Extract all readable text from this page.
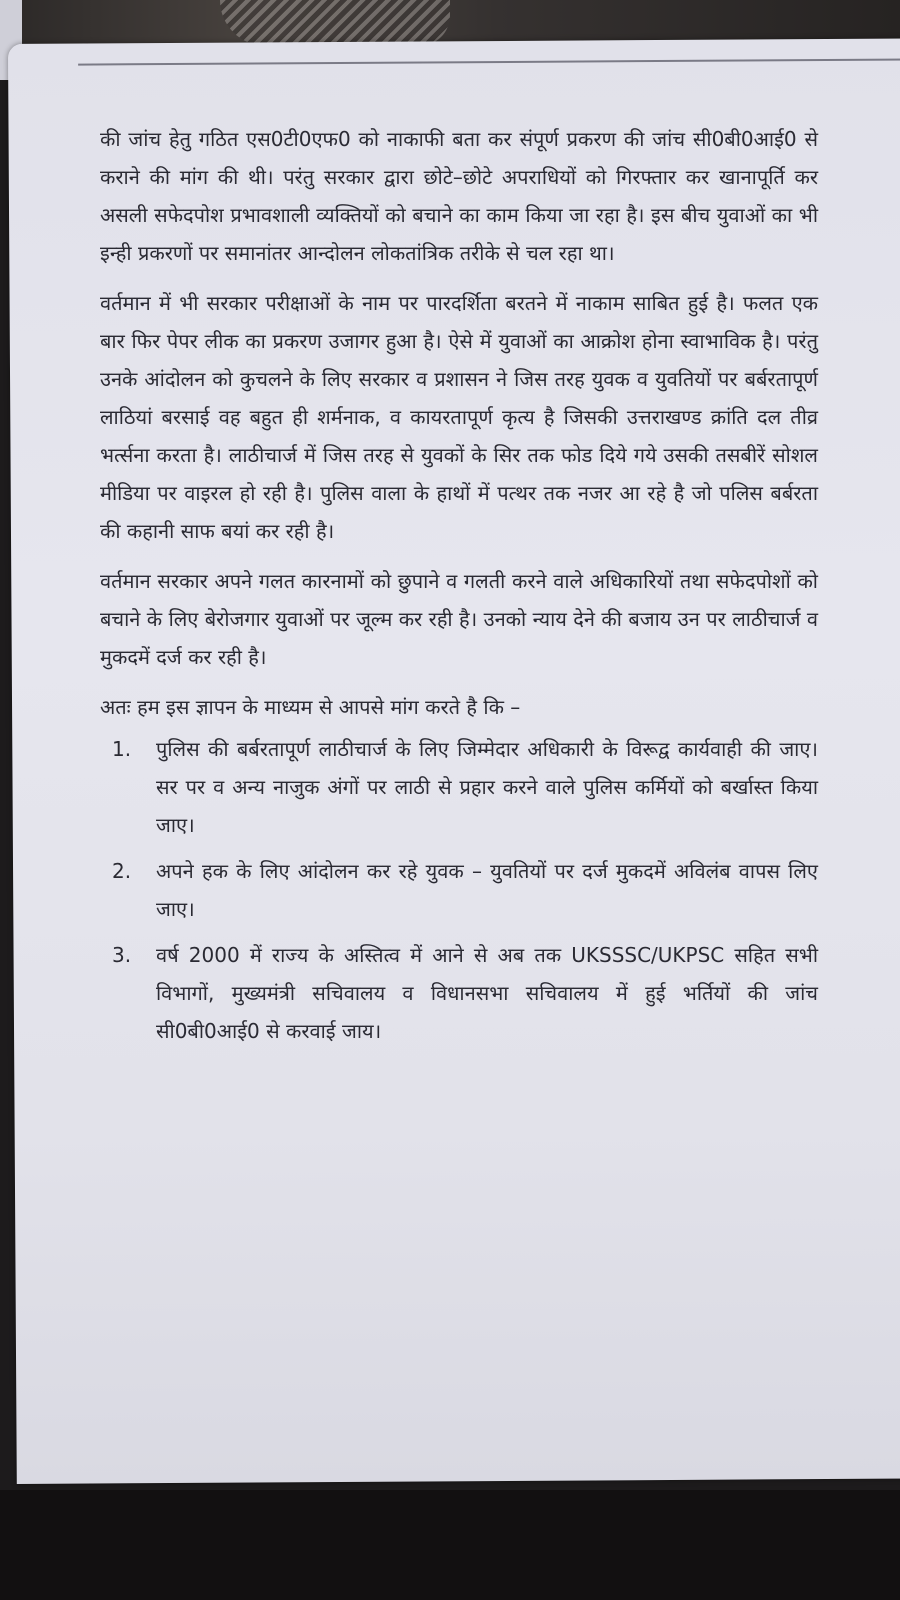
की जांच हेतु गठित एस0टी0एफ0 को नाकाफी बता कर संपूर्ण प्रकरण की जांच सी0बी0आई0 से कराने की मांग की थी। परंतु सरकार द्वारा छोटे–छोटे अपराधियों को गिरफ्तार कर खानापूर्ति कर असली सफेदपोश प्रभावशाली व्यक्तियों को बचाने का काम किया जा रहा है। इस बीच युवाओं का भी इन्ही प्रकरणों पर समानांतर आन्दोलन लोकतांत्रिक तरीके से चल रहा था।

वर्तमान में भी सरकार परीक्षाओं के नाम पर पारदर्शिता बरतने में नाकाम साबित हुई है। फलत एक बार फिर पेपर लीक का प्रकरण उजागर हुआ है। ऐसे में युवाओं का आक्रोश होना स्वाभाविक है। परंतु उनके आंदोलन को कुचलने के लिए सरकार व प्रशासन ने जिस तरह युवक व युवतियों पर बर्बरतापूर्ण लाठियां बरसाई वह बहुत ही शर्मनाक, व कायरतापूर्ण कृत्य है जिसकी उत्तराखण्ड क्रांति दल तीव्र भर्त्सना करता है। लाठीचार्ज में जिस तरह से युवकों के सिर तक फोड दिये गये उसकी तसबीरें सोशल मीडिया पर वाइरल हो रही है। पुलिस वाला के हाथों में पत्थर तक नजर आ रहे है जो पलिस बर्बरता की कहानी साफ बयां कर रही है।

वर्तमान सरकार अपने गलत कारनामों को छुपाने व गलती करने वाले अधिकारियों तथा सफेदपोशों को बचाने के लिए बेरोजगार युवाओं पर जूल्म कर रही है। उनको न्याय देने की बजाय उन पर लाठीचार्ज व मुकदमें दर्ज कर रही है।

अतः हम इस ज्ञापन के माध्यम से आपसे मांग करते है कि –

1. पुलिस की बर्बरतापूर्ण लाठीचार्ज के लिए जिम्मेदार अधिकारी के विरूद्व कार्यवाही की जाए। सर पर व अन्य नाजुक अंगों पर लाठी से प्रहार करने वाले पुलिस कर्मियों को बर्खास्त किया जाए।
2. अपने हक के लिए आंदोलन कर रहे युवक – युवतियों पर दर्ज मुकदमें अविलंब वापस लिए जाए।
3. वर्ष 2000 में राज्य के अस्तित्व में आने से अब तक UKSSSC/UKPSC सहित सभी विभागों, मुख्यमंत्री सचिवालय व विधानसभा सचिवालय में हुई भर्तियों की जांच सी0बी0आई0 से करवाई जाय।
